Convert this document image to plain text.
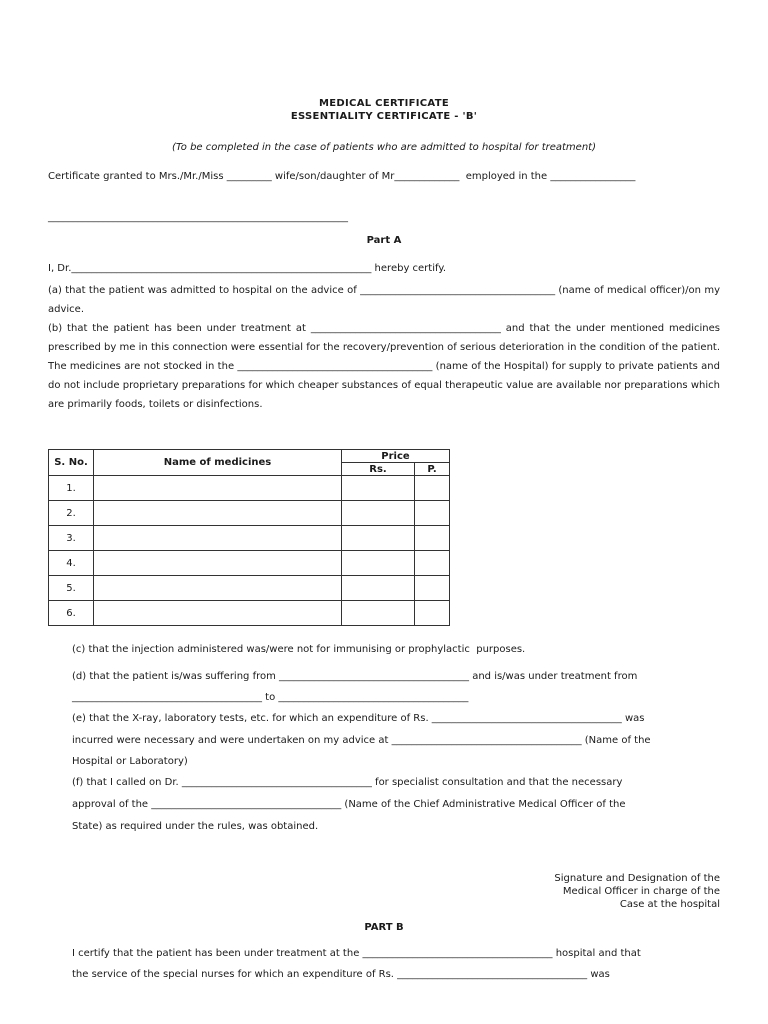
MEDICAL CERTIFICATE
ESSENTIALITY CERTIFICATE - 'B'
(To be completed in the case of patients who are admitted to hospital for treatment)
Certificate granted to Mrs./Mr./Miss _________ wife/son/daughter of Mr_____________  employed in the _________________
____________________________________________________________
Part A
I, Dr.____________________________________________________________ hereby certify.
(a) that the patient was admitted to hospital on the advice of _______________________________________ (name of medical officer)/on my advice.
(b) that the patient has been under treatment at ______________________________________ and that the under mentioned medicines prescribed by me in this connection were essential for the recovery/prevention of serious deterioration in the condition of the patient. The medicines are not stocked in the _______________________________________ (name of the Hospital) for supply to private patients and do not include proprietary preparations for which cheaper substances of equal therapeutic value are available nor preparations which are primarily foods, toilets or disinfections.
S. No.	Name of medicines	Price	
		Rs.	P.
1.			
2.			
3.			
4.			
5.			
6.			
(c) that the injection administered was/were not for immunising or prophylactic  purposes.
(d) that the patient is/was suffering from ______________________________________ and is/was under treatment from
______________________________________ to ______________________________________
(e) that the X-ray, laboratory tests, etc. for which an expenditure of Rs. ______________________________________ was
incurred were necessary and were undertaken on my advice at ______________________________________ (Name of the
Hospital or Laboratory)
(f) that I called on Dr. ______________________________________ for specialist consultation and that the necessary
approval of the ______________________________________ (Name of the Chief Administrative Medical Officer of the
State) as required under the rules, was obtained.
Signature and Designation of the
Medical Officer in charge of the
Case at the hospital
PART B
I certify that the patient has been under treatment at the ______________________________________ hospital and that
the service of the special nurses for which an expenditure of Rs. ______________________________________ was
